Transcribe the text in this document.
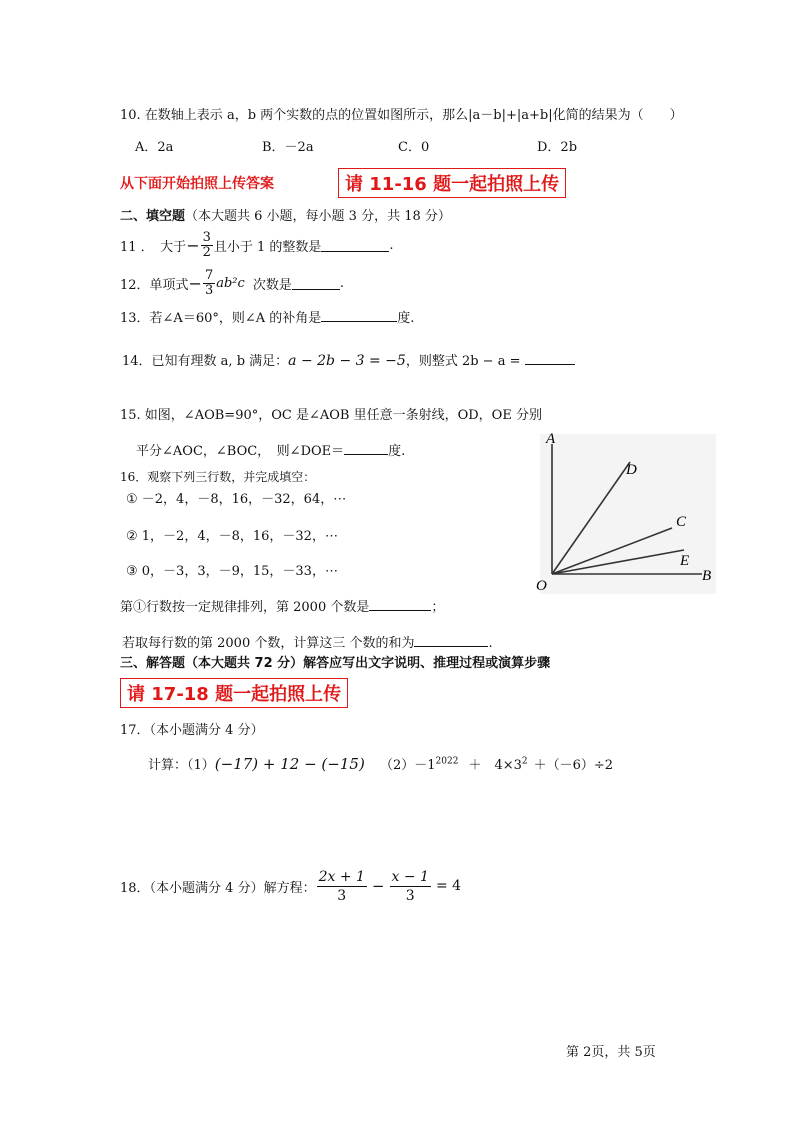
10. 在数轴上表示 a，b 两个实数的点的位置如图所示，那么|a－b|+|a+b|化简的结果为（　　）
A．2a	B．－2a	C．0	D．2b
从下面开始拍照上传答案	请 11-16 题一起拍照上传
二、填空题（本大题共 6 小题，每小题 3 分，共 18 分）
11 ．　大于 − $\frac{3}{2}$ 且小于 1 的整数是	.
12．单项式 − $\frac{7}{3} ab^2c$ 次数是	.
13．若∠A＝60°，则∠A 的补角是	度.
14．已知有理数 a, b 满足：a − 2b − 3 = −5，则整式 2b − a =
15. 如图，∠AOB=90°，OC 是∠AOB 里任意一条射线，OD，OE 分别
平分∠AOC，∠BOC，　则∠DOE＝	度.
A
D
C
E
B
O
16．观察下列三行数，并完成填空：
① －2，4，－8，16，－32，64，⋯
② 1，－2，4，－8，16，－32，⋯
③ 0，－3，3，－9，15，－33，⋯
第①行数按一定规律排列，第 2000 个数是	；
若取每行数的第 2000 个数，计算这三 个数的和为	.
三、解答题（本大题共 72 分）解答应写出文字说明、推理过程或演算步骤
请 17-18 题一起拍照上传
17．（本小题满分 4 分）
计算：（1） (−17) + 12 − (−15) $(2)-1^{2022}$ ＋　$4\times 3^2 +(-6)\div 2$
18．（本小题满分 4 分）解方程： $\frac{2x + 1}{3} - \frac{x - 1}{3} = 4$
第 2页，共 5页
